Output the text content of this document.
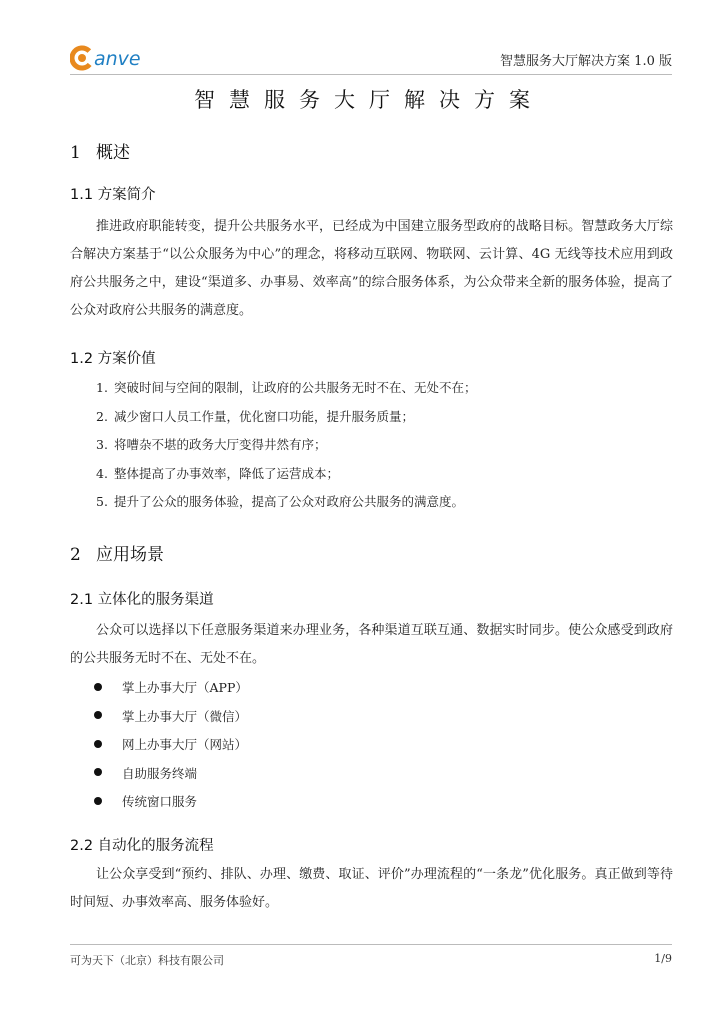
anve	智慧服务大厅解决方案 1.0 版
智慧服务大厅解决方案
1 概述
1.1 方案简介
推进政府职能转变，提升公共服务水平，已经成为中国建立服务型政府的战略目标。智慧政务大厅综合解决方案基于“以公众服务为中心”的理念，将移动互联网、物联网、云计算、4G 无线等技术应用到政府公共服务之中，建设“渠道多、办事易、效率高”的综合服务体系，为公众带来全新的服务体验，提高了公众对政府公共服务的满意度。
1.2 方案价值
1. 突破时间与空间的限制，让政府的公共服务无时不在、无处不在；
2. 减少窗口人员工作量，优化窗口功能，提升服务质量；
3. 将嘈杂不堪的政务大厅变得井然有序；
4. 整体提高了办事效率，降低了运营成本；
5. 提升了公众的服务体验，提高了公众对政府公共服务的满意度。
2 应用场景
2.1 立体化的服务渠道
公众可以选择以下任意服务渠道来办理业务，各种渠道互联互通、数据实时同步。使公众感受到政府的公共服务无时不在、无处不在。
掌上办事大厅（APP）
掌上办事大厅（微信）
网上办事大厅（网站）
自助服务终端
传统窗口服务
2.2 自动化的服务流程
让公众享受到“预约、排队、办理、缴费、取证、评价”办理流程的“一条龙”优化服务。真正做到等待时间短、办事效率高、服务体验好。
可为天下（北京）科技有限公司	1/9
